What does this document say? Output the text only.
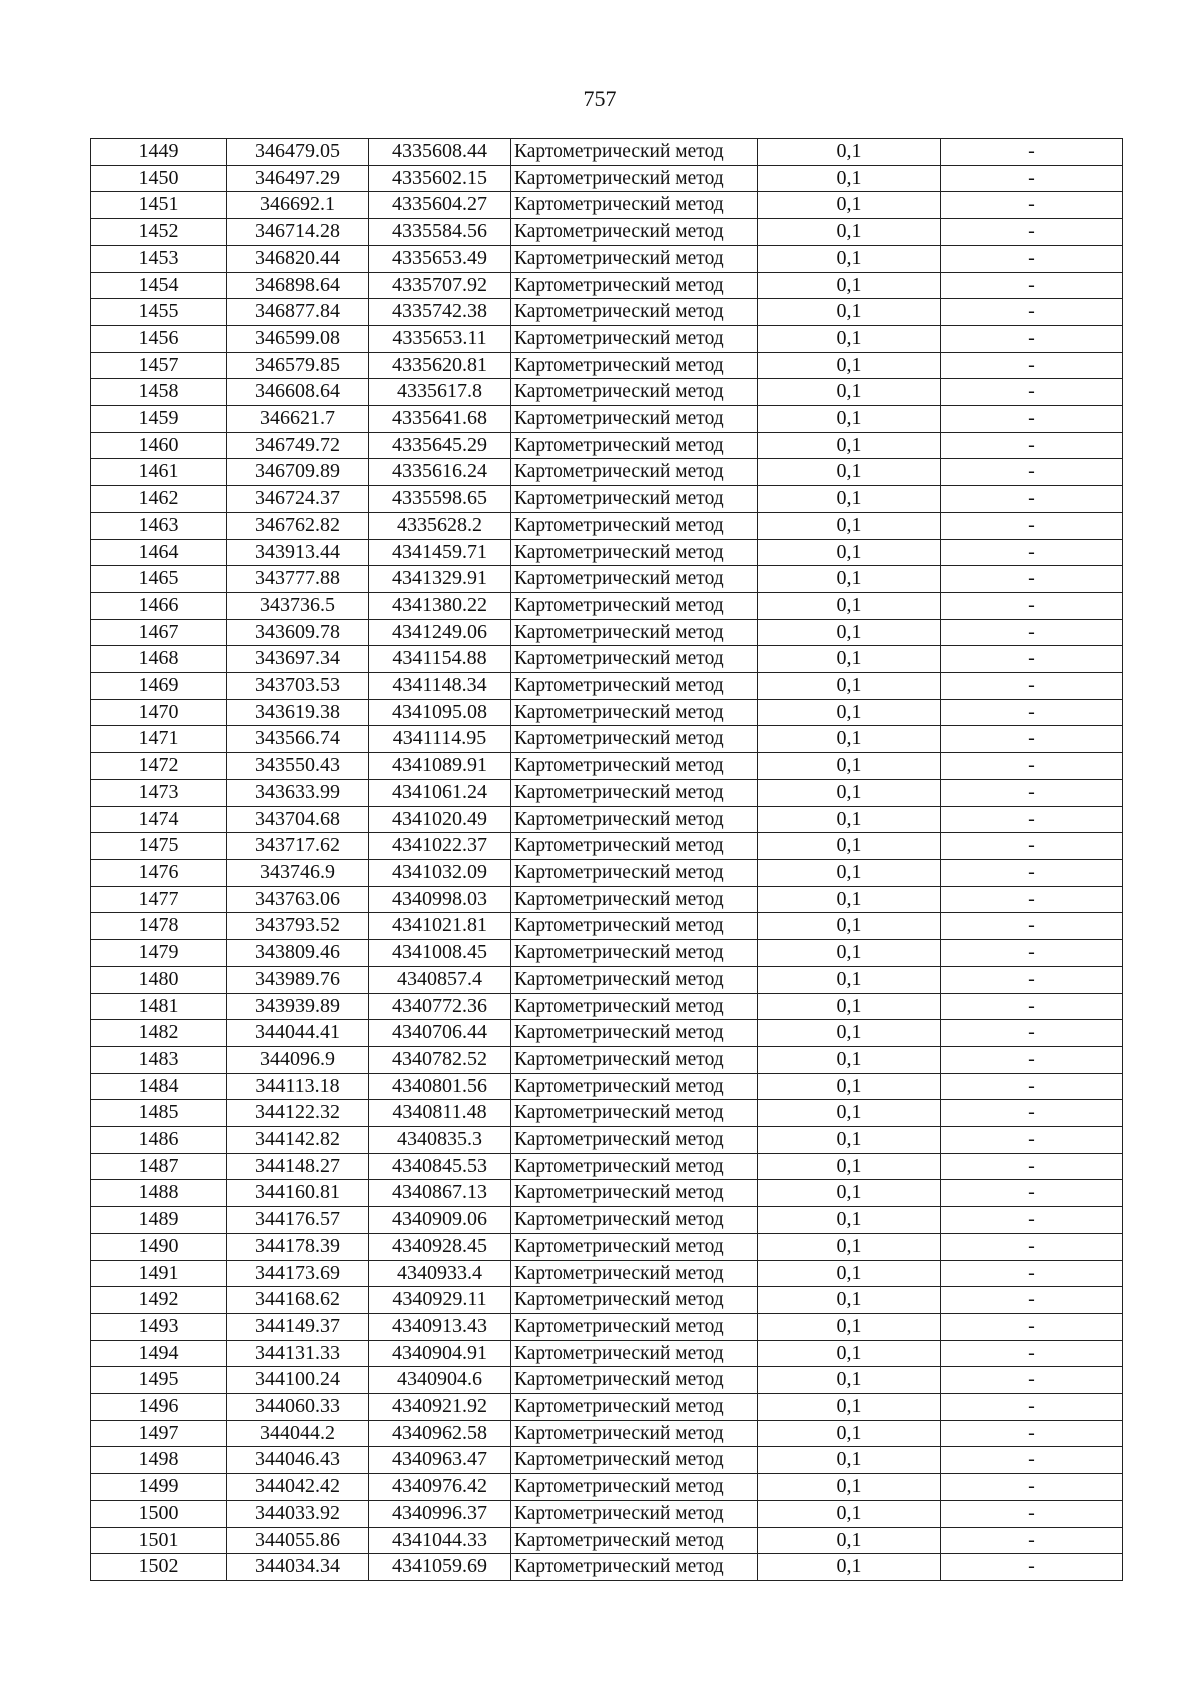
757
1449	346479.05	4335608.44	Картометрический метод	0,1	-
1450	346497.29	4335602.15	Картометрический метод	0,1	-
1451	346692.1	4335604.27	Картометрический метод	0,1	-
1452	346714.28	4335584.56	Картометрический метод	0,1	-
1453	346820.44	4335653.49	Картометрический метод	0,1	-
1454	346898.64	4335707.92	Картометрический метод	0,1	-
1455	346877.84	4335742.38	Картометрический метод	0,1	-
1456	346599.08	4335653.11	Картометрический метод	0,1	-
1457	346579.85	4335620.81	Картометрический метод	0,1	-
1458	346608.64	4335617.8	Картометрический метод	0,1	-
1459	346621.7	4335641.68	Картометрический метод	0,1	-
1460	346749.72	4335645.29	Картометрический метод	0,1	-
1461	346709.89	4335616.24	Картометрический метод	0,1	-
1462	346724.37	4335598.65	Картометрический метод	0,1	-
1463	346762.82	4335628.2	Картометрический метод	0,1	-
1464	343913.44	4341459.71	Картометрический метод	0,1	-
1465	343777.88	4341329.91	Картометрический метод	0,1	-
1466	343736.5	4341380.22	Картометрический метод	0,1	-
1467	343609.78	4341249.06	Картометрический метод	0,1	-
1468	343697.34	4341154.88	Картометрический метод	0,1	-
1469	343703.53	4341148.34	Картометрический метод	0,1	-
1470	343619.38	4341095.08	Картометрический метод	0,1	-
1471	343566.74	4341114.95	Картометрический метод	0,1	-
1472	343550.43	4341089.91	Картометрический метод	0,1	-
1473	343633.99	4341061.24	Картометрический метод	0,1	-
1474	343704.68	4341020.49	Картометрический метод	0,1	-
1475	343717.62	4341022.37	Картометрический метод	0,1	-
1476	343746.9	4341032.09	Картометрический метод	0,1	-
1477	343763.06	4340998.03	Картометрический метод	0,1	-
1478	343793.52	4341021.81	Картометрический метод	0,1	-
1479	343809.46	4341008.45	Картометрический метод	0,1	-
1480	343989.76	4340857.4	Картометрический метод	0,1	-
1481	343939.89	4340772.36	Картометрический метод	0,1	-
1482	344044.41	4340706.44	Картометрический метод	0,1	-
1483	344096.9	4340782.52	Картометрический метод	0,1	-
1484	344113.18	4340801.56	Картометрический метод	0,1	-
1485	344122.32	4340811.48	Картометрический метод	0,1	-
1486	344142.82	4340835.3	Картометрический метод	0,1	-
1487	344148.27	4340845.53	Картометрический метод	0,1	-
1488	344160.81	4340867.13	Картометрический метод	0,1	-
1489	344176.57	4340909.06	Картометрический метод	0,1	-
1490	344178.39	4340928.45	Картометрический метод	0,1	-
1491	344173.69	4340933.4	Картометрический метод	0,1	-
1492	344168.62	4340929.11	Картометрический метод	0,1	-
1493	344149.37	4340913.43	Картометрический метод	0,1	-
1494	344131.33	4340904.91	Картометрический метод	0,1	-
1495	344100.24	4340904.6	Картометрический метод	0,1	-
1496	344060.33	4340921.92	Картометрический метод	0,1	-
1497	344044.2	4340962.58	Картометрический метод	0,1	-
1498	344046.43	4340963.47	Картометрический метод	0,1	-
1499	344042.42	4340976.42	Картометрический метод	0,1	-
1500	344033.92	4340996.37	Картометрический метод	0,1	-
1501	344055.86	4341044.33	Картометрический метод	0,1	-
1502	344034.34	4341059.69	Картометрический метод	0,1	-
